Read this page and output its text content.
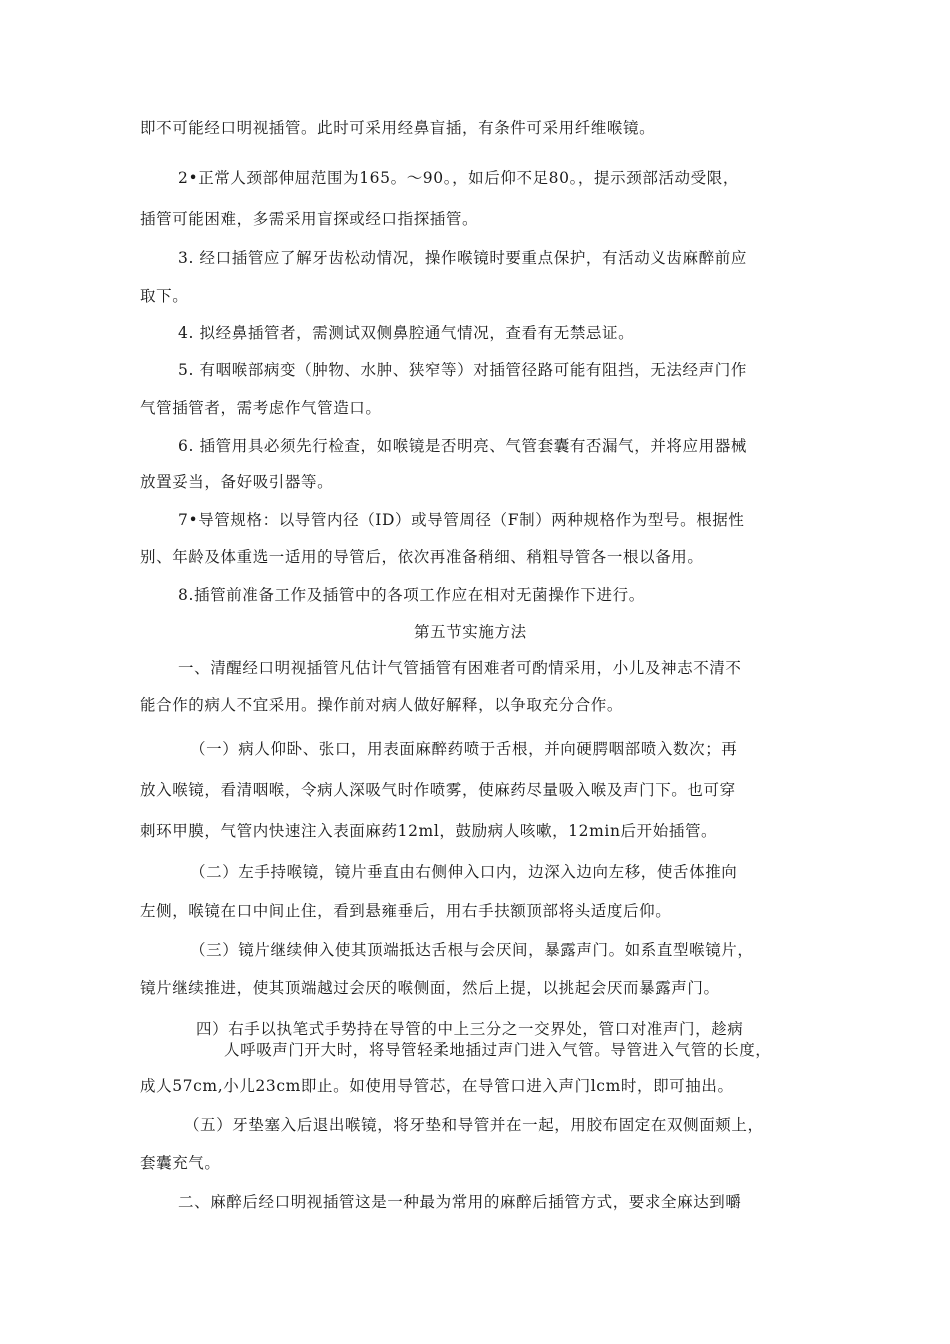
即不可能经口明视插管。此时可采用经鼻盲插，有条件可采用纤维喉镜。

2•正常人颈部伸屈范围为165。〜90。，如后仰不足80。，提示颈部活动受限，

插管可能困难，多需采用盲探或经口指探插管。

3. 经口插管应了解牙齿松动情况，操作喉镜时要重点保护，有活动义齿麻醉前应

取下。

4. 拟经鼻插管者，需测试双侧鼻腔通气情况，查看有无禁忌证。

5. 有咽喉部病变（肿物、水肿、狭窄等）对插管径路可能有阻挡，无法经声门作

气管插管者，需考虑作气管造口。

6. 插管用具必须先行检查，如喉镜是否明亮、气管套囊有否漏气，并将应用器械

放置妥当，备好吸引器等。

7•导管规格：以导管内径（ID）或导管周径（F制）两种规格作为型号。根据性

别、年龄及体重选一适用的导管后，依次再准备稍细、稍粗导管各一根以备用。

8.插管前准备工作及插管中的各项工作应在相对无菌操作下进行。

第五节实施方法

一、清醒经口明视插管凡估计气管插管有困难者可酌情采用，小儿及神志不清不

能合作的病人不宜采用。操作前对病人做好解释，以争取充分合作。

（一）病人仰卧、张口，用表面麻醉药喷于舌根，并向硬腭咽部喷入数次；再

放入喉镜，看清咽喉，令病人深吸气时作喷雾，使麻药尽量吸入喉及声门下。也可穿

刺环甲膜，气管内快速注入表面麻药12ml，鼓励病人咳嗽，12min后开始插管。

（二）左手持喉镜，镜片垂直由右侧伸入口内，边深入边向左移，使舌体推向

左侧，喉镜在口中间止住，看到悬雍垂后，用右手扶额顶部将头适度后仰。

（三）镜片继续伸入使其顶端抵达舌根与会厌间，暴露声门。如系直型喉镜片，

镜片继续推进，使其顶端越过会厌的喉侧面，然后上提，以挑起会厌而暴露声门。

四）右手以执笔式手势持在导管的中上三分之一交界处，管口对准声门，趁病

人呼吸声门开大时，将导管轻柔地插过声门进入气管。导管进入气管的长度，

成人57cm,小儿23cm即止。如使用导管芯，在导管口进入声门lcm时，即可抽出。

（五）牙垫塞入后退出喉镜，将牙垫和导管并在一起，用胶布固定在双侧面颊上，

套囊充气。

二、麻醉后经口明视插管这是一种最为常用的麻醉后插管方式，要求全麻达到嚼
